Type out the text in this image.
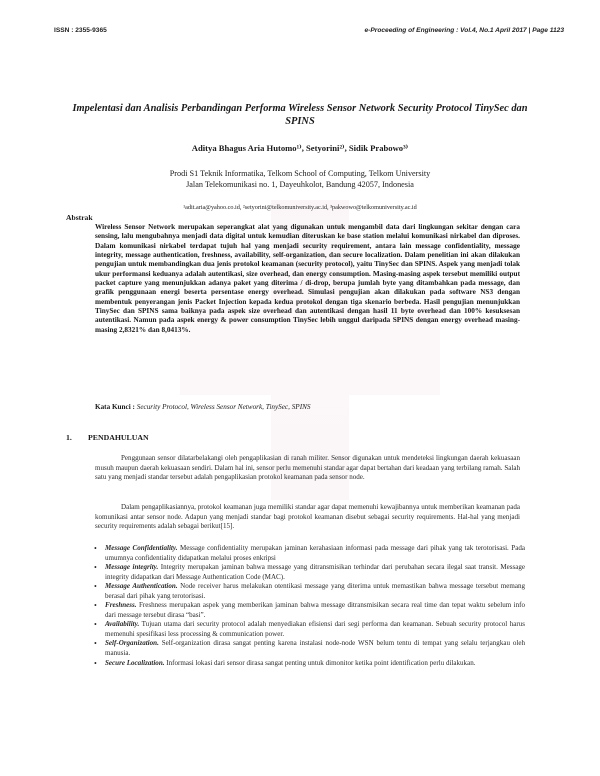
ISSN : 2355-9365	e-Proceeding of Engineering : Vol.4, No.1 April 2017 | Page 1123
Impelentasi dan Analisis Perbandingan Performa Wireless Sensor Network Security Protocol TinySec dan SPINS
Aditya Bhagus Aria Hutomo¹⁾, Setyorini²⁾, Sidik Prabowo³⁾
Prodi S1 Teknik Informatika, Telkom School of Computing, Telkom University
Jalan Telekomunikasi no. 1, Dayeuhkolot, Bandung 42057, Indonesia
¹adit.aria@yahoo.co.id, ²setyorini@telkomuniversity.ac.id, ³pakwowo@telkomuniversity.ac.id
Abstrak
Wireless Sensor Network merupakan seperangkat alat yang digunakan untuk mengambil data dari lingkungan sekitar dengan cara sensing, lalu mengubahnya menjadi data digital untuk kemudian diteruskan ke base station melalui komunikasi nirkabel dan diproses. Dalam komunikasi nirkabel terdapat tujuh hal yang menjadi security requirement, antara lain message confidentiality, message integrity, message authentication, freshness, availability, self-organization, dan secure localization. Dalam penelitian ini akan dilakukan pengujian untuk membandingkan dua jenis protokol keamanan (security protocol), yaitu TinySec dan SPINS. Aspek yang menjadi tolak ukur performansi keduanya adalah autentikasi, size overhead, dan energy consumption. Masing-masing aspek tersebut memiliki output packet capture yang menunjukkan adanya paket yang diterima / di-drop, berupa jumlah byte yang ditambahkan pada message, dan grafik penggunaan energi beserta persentase energy overhead. Simulasi pengujian akan dilakukan pada software NS3 dengan membentuk penyerangan jenis Packet Injection kepada kedua protokol dengan tiga skenario berbeda. Hasil pengujian menunjukkan TinySec dan SPINS sama baiknya pada aspek size overhead dan autentikasi dengan hasil 11 byte overhead dan 100% kesuksesan autentikasi. Namun pada aspek energy & power consumption TinySec lebih unggul daripada SPINS dengan energy overhead masing-masing 2,8321% dan 8,0413%.
Kata Kunci : Security Protocol, Wireless Sensor Network, TinySec, SPINS
1. PENDAHULUAN
Penggunaan sensor dilatarbelakangi oleh pengaplikasian di ranah militer. Sensor digunakan untuk mendeteksi lingkungan daerah kekuasaan musuh maupun daerah kekuasaan sendiri. Dalam hal ini, sensor perlu memenuhi standar agar dapat bertahan dari keadaan yang terbilang ramah. Salah satu yang menjadi standar tersebut adalah pengaplikasian protokol keamanan pada sensor node.
Dalam pengaplikasiannya, protokol keamanan juga memiliki standar agar dapat memenuhi kewajibannya untuk memberikan keamanan pada komunikasi antar sensor node. Adapun yang menjadi standar bagi protokol keamanan disebut sebagai security requirements. Hal-hal yang menjadi security requirements adalah sebagai berikut[15].
• Message Confidentiality. Message confidentiality merupakan jaminan kerahasiaan informasi pada message dari pihak yang tak terotorisasi. Pada umumnya confidentiality didapatkan melalui proses enkripsi
• Message integrity. Integrity merupakan jaminan bahwa message yang ditransmisikan terhindar dari perubahan secara ilegal saat transit. Message integrity didapatkan dari Message Authentication Code (MAC).
• Message Authentication. Node receiver harus melakukan otentikasi message yang diterima untuk memastikan bahwa message tersebut memang berasal dari pihak yang terotorisasi.
• Freshness. Freshness merupakan aspek yang memberikan jaminan bahwa message ditransmisikan secara real time dan tepat waktu sebelum info dari message tersebut dirasa “basi”.
• Availability. Tujuan utama dari security protocol adalah menyediakan efisiensi dari segi performa dan keamanan. Sebuah security protocol harus memenuhi spesifikasi less processing & communication power.
• Self-Organization. Self-organization dirasa sangat penting karena instalasi node-node WSN belum tentu di tempat yang selalu terjangkau oleh manusia.
• Secure Localization. Informasi lokasi dari sensor dirasa sangat penting untuk dimonitor ketika point identification perlu dilakukan.
